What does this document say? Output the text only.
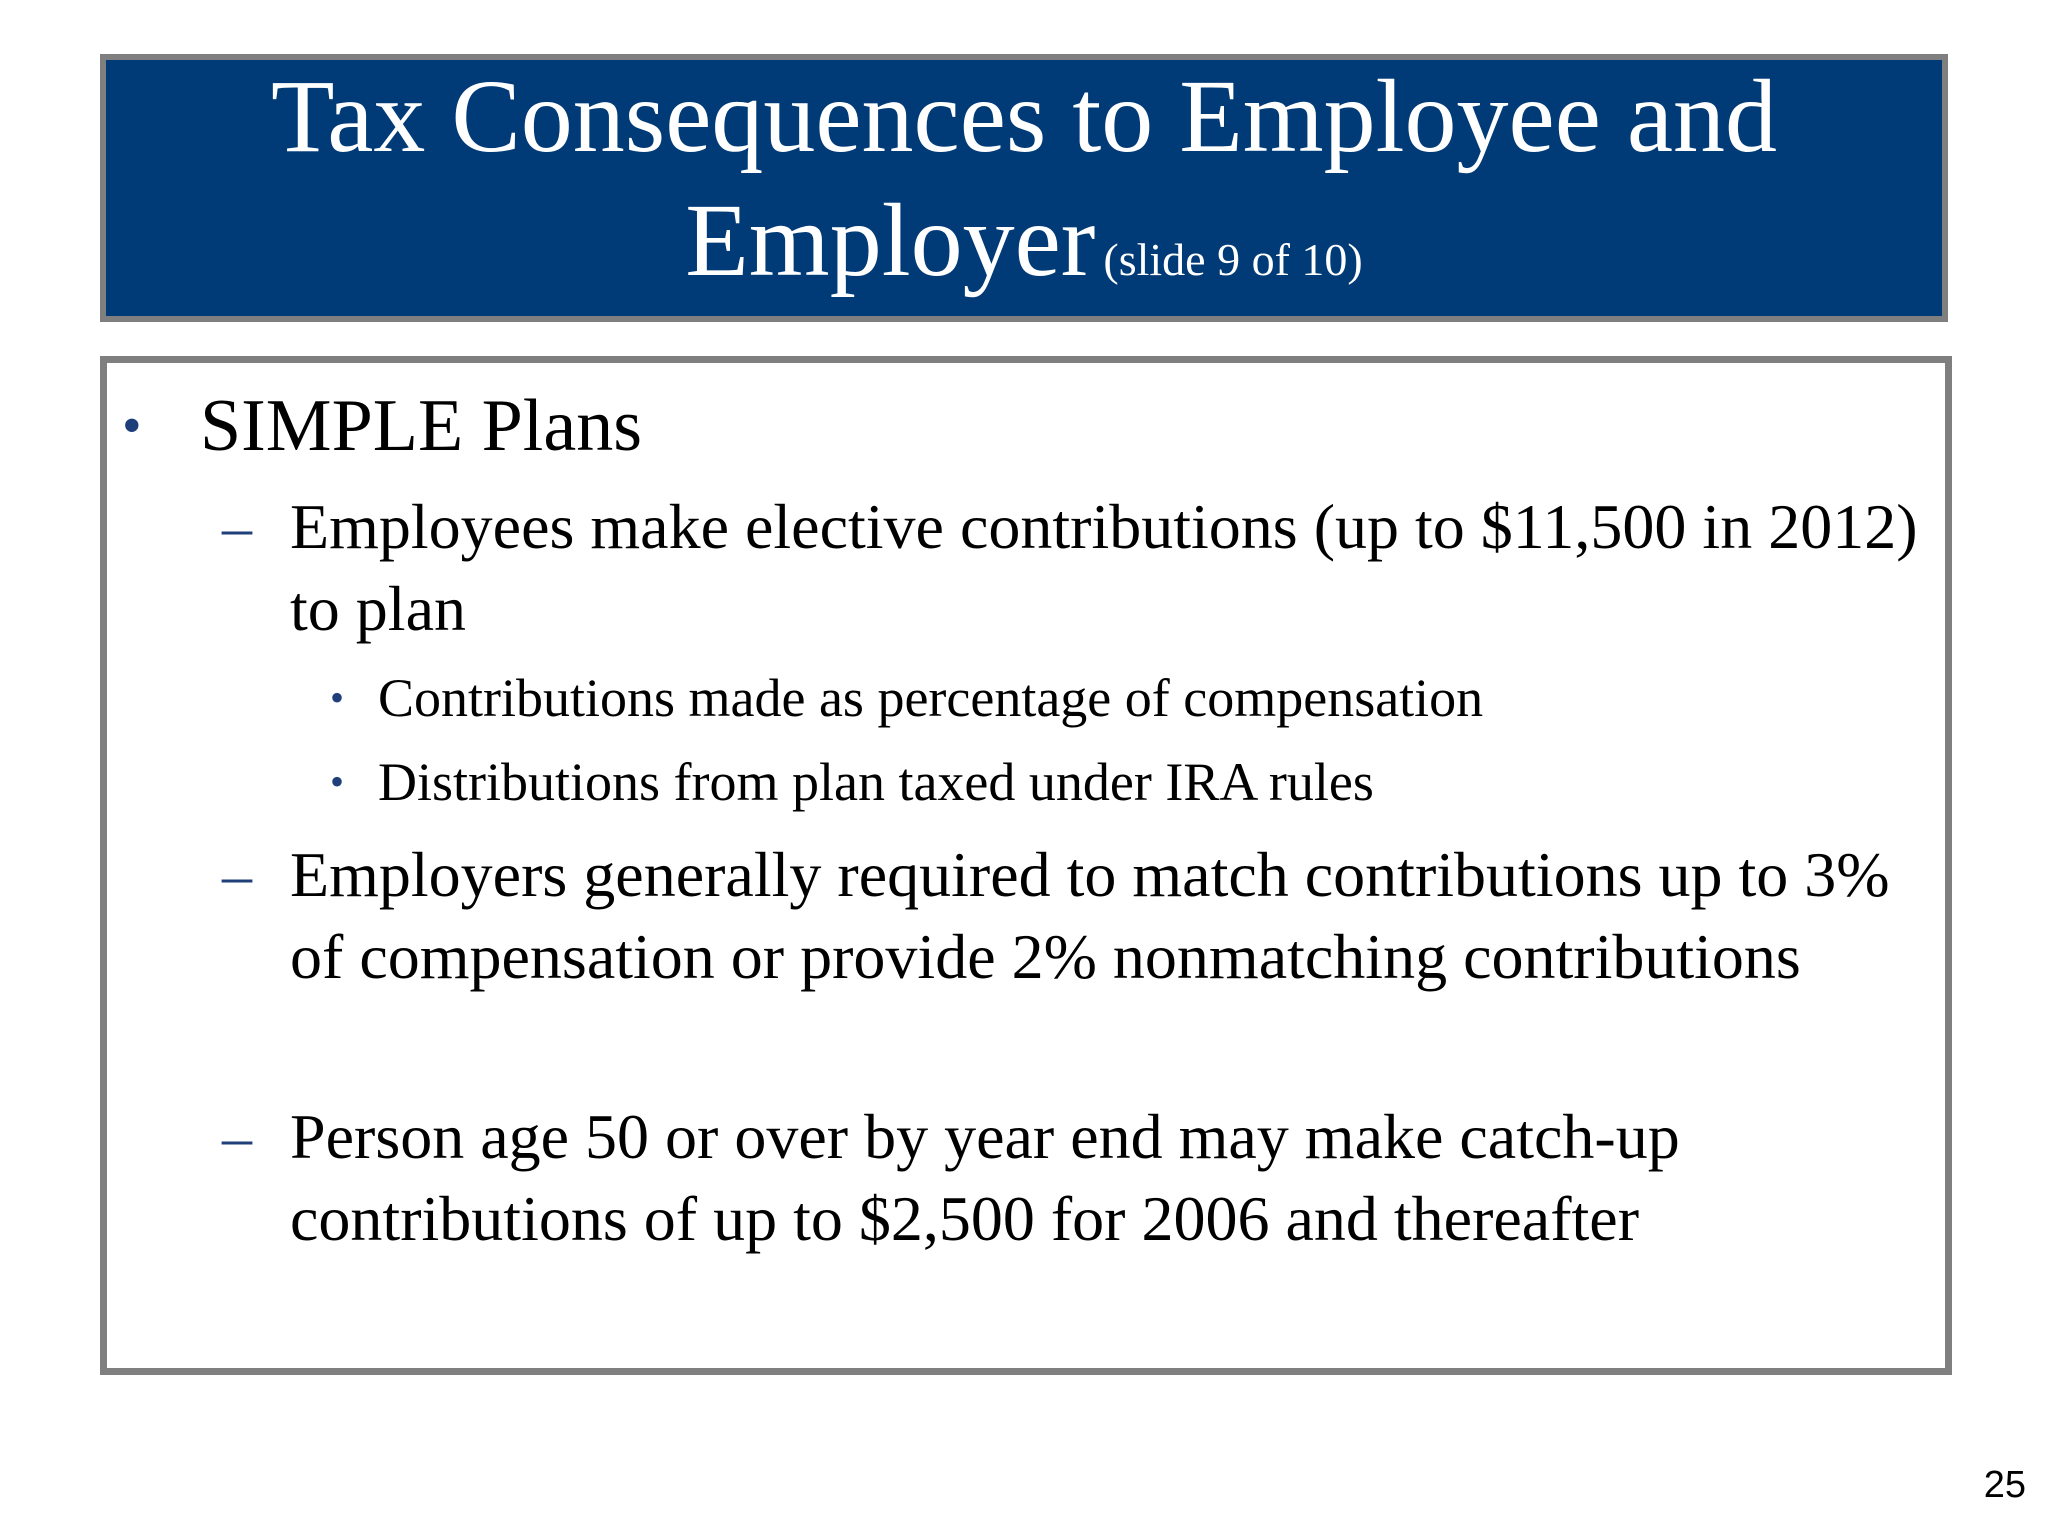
Tax Consequences to Employee and
Employer (slide 9 of 10)
• SIMPLE Plans
– Employees make elective contributions (up to $11,500 in 2012) to plan
• Contributions made as percentage of compensation
• Distributions from plan taxed under IRA rules
– Employers generally required to match contributions up to 3% of compensation or provide 2% nonmatching contributions
– Person age 50 or over by year end may make catch-up contributions of up to $2,500 for 2006 and thereafter
25
